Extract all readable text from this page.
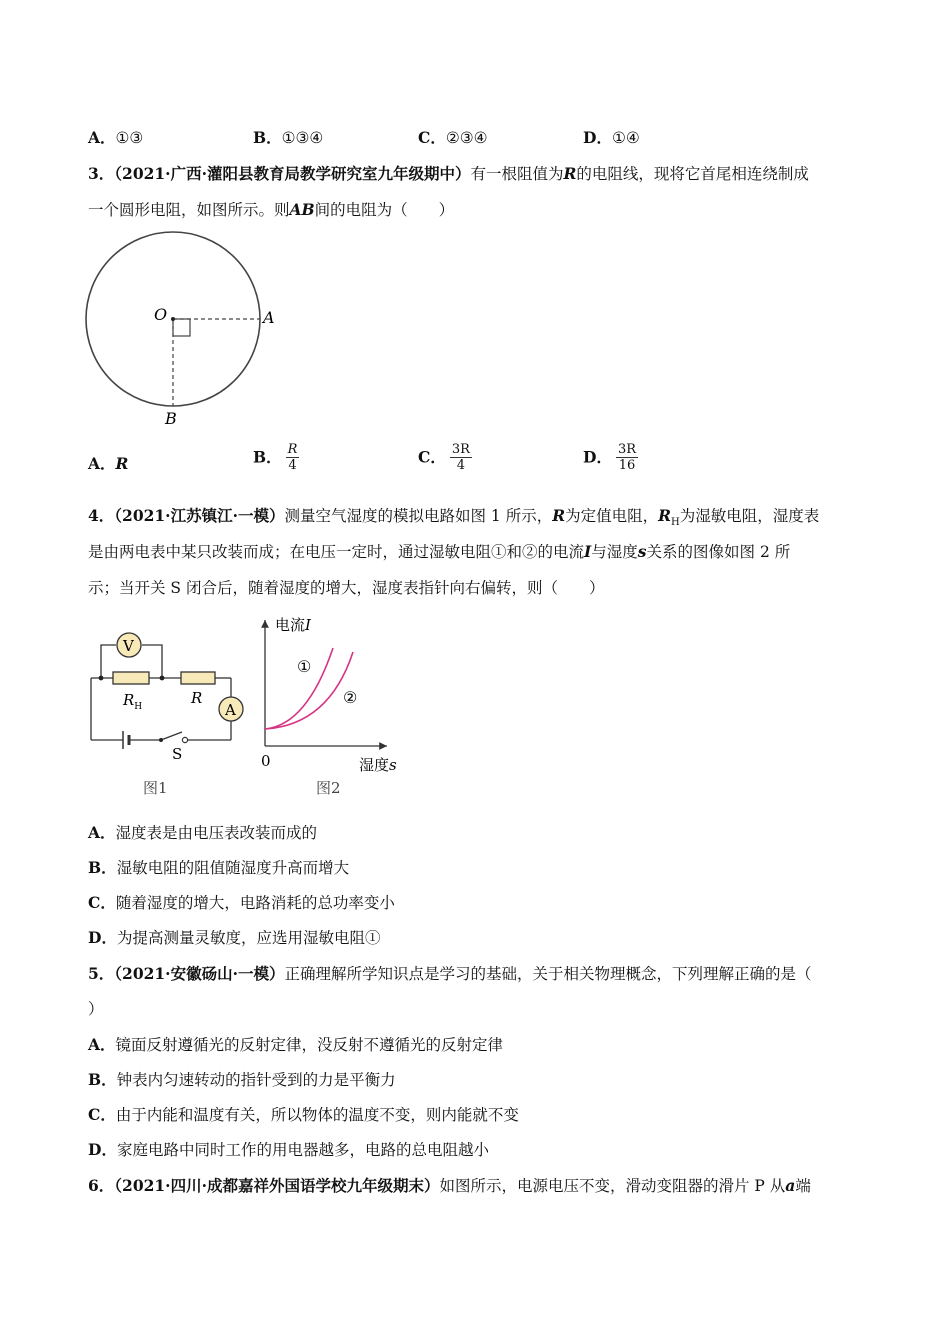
A．①③	B．①③④	C．②③④	D．①④
3．（2021·广西·灌阳县教育局教学研究室九年级期中）有一根阻值为R的电阻线，现将它首尾相连绕制成
一个圆形电阻，如图所示。则AB间的电阻为（　　）
O	A
B
A．R	B． $\frac{R}{4}$	C． $\frac{3R}{4}$	D． $\frac{3R}{16}$
4．（2021·江苏镇江·一模）测量空气湿度的模拟电路如图 1 所示，R为定值电阻，$R_H$为湿敏电阻，湿度表
是由两电表中某只改装而成；在电压一定时，通过湿敏电阻①和②的电流I与湿度s关系的图像如图 2 所
示；当开关 S 闭合后，随着湿度的增大，湿度表指针向右偏转，则（　　）
V
$R_H$	R
A
S
图1
电流I
①
②
0	湿度s
图2
A．湿度表是由电压表改装而成的
B．湿敏电阻的阻值随湿度升高而增大
C．随着湿度的增大，电路消耗的总功率变小
D．为提高测量灵敏度，应选用湿敏电阻①
5．（2021·安徽砀山·一模）正确理解所学知识点是学习的基础，关于相关物理概念，下列理解正确的是（
）
A．镜面反射遵循光的反射定律，没反射不遵循光的反射定律
B．钟表内匀速转动的指针受到的力是平衡力
C．由于内能和温度有关，所以物体的温度不变，则内能就不变
D．家庭电路中同时工作的用电器越多，电路的总电阻越小
6．（2021·四川·成都嘉祥外国语学校九年级期末）如图所示，电源电压不变，滑动变阻器的滑片 P 从a端
